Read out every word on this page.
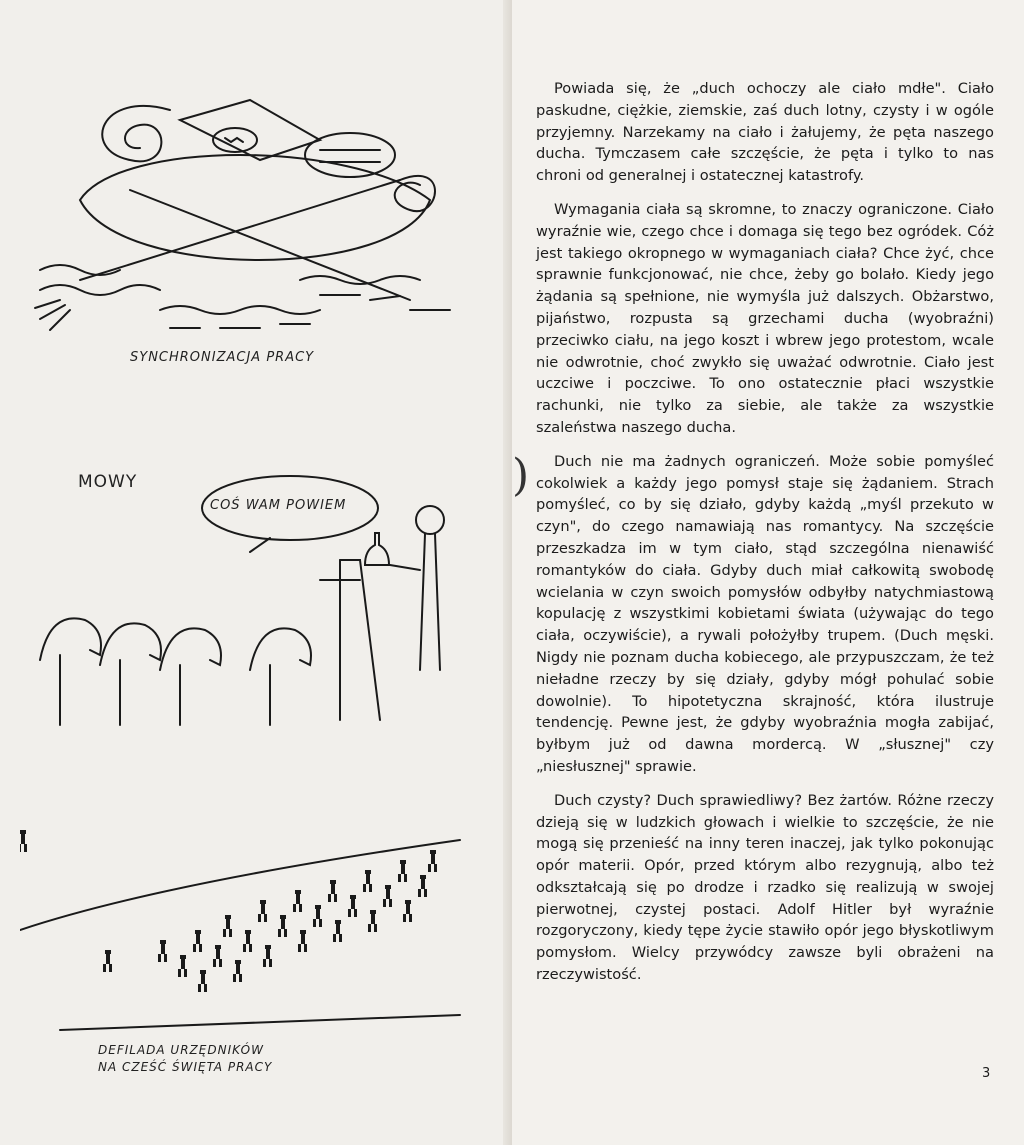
SYNCHRONIZACJA PRACY
MOWY
COŚ WAM POWIEM
DEFILADA URZĘDNIKÓW
NA CZEŚĆ ŚWIĘTA PRACY
)

Powiada się, że „duch ochoczy ale ciało mdłe". Ciało paskudne, ciężkie, ziemskie, zaś duch lotny, czysty i w ogóle przyjemny. Narzekamy na ciało i żałujemy, że pęta naszego ducha. Tymczasem całe szczęście, że pęta i tylko to nas chroni od generalnej i ostatecznej katastrofy.

Wymagania ciała są skromne, to znaczy ograniczone. Ciało wyraźnie wie, czego chce i domaga się tego bez ogródek. Cóż jest takiego okropnego w wymaganiach ciała? Chce żyć, chce sprawnie funkcjonować, nie chce, żeby go bolało. Kiedy jego żądania są spełnione, nie wymyśla już dalszych. Obżarstwo, pijaństwo, rozpusta są grzechami ducha (wyobraźni) przeciwko ciału, na jego koszt i wbrew jego protestom, wcale nie odwrotnie, choć zwykło się uważać odwrotnie. Ciało jest uczciwe i poczciwe. To ono ostatecznie płaci wszystkie rachunki, nie tylko za siebie, ale także za wszystkie szaleństwa naszego ducha.

Duch nie ma żadnych ograniczeń. Może sobie pomyśleć cokolwiek a każdy jego pomysł staje się żądaniem. Strach pomyśleć, co by się działo, gdyby każdą „myśl przekuto w czyn", do czego namawiają nas romantycy. Na szczęście przeszkadza im w tym ciało, stąd szczególna nienawiść romantyków do ciała. Gdyby duch miał całkowitą swobodę wcielania w czyn swoich pomysłów odbyłby natychmiastową kopulację z wszystkimi kobietami świata (używając do tego ciała, oczywiście), a rywali położyłby trupem. (Duch męski. Nigdy nie poznam ducha kobiecego, ale przypuszczam, że też nieładne rzeczy by się działy, gdyby mógł pohulać sobie dowolnie). To hipotetyczna skrajność, która ilustruje tendencję. Pewne jest, że gdyby wyobraźnia mogła zabijać, byłbym już od dawna mordercą. W „słusznej" czy „niesłusznej" sprawie.

Duch czysty? Duch sprawiedliwy? Bez żartów. Różne rzeczy dzieją się w ludzkich głowach i wielkie to szczęście, że nie mogą się przenieść na inny teren inaczej, jak tylko pokonując opór materii. Opór, przed którym albo rezygnują, albo też odkształcają się po drodze i rzadko się realizują w swojej pierwotnej, czystej postaci. Adolf Hitler był wyraźnie rozgoryczony, kiedy tępe życie stawiło opór jego błyskotliwym pomysłom. Wielcy przywódcy zawsze byli obrażeni na rzeczywistość.

3
